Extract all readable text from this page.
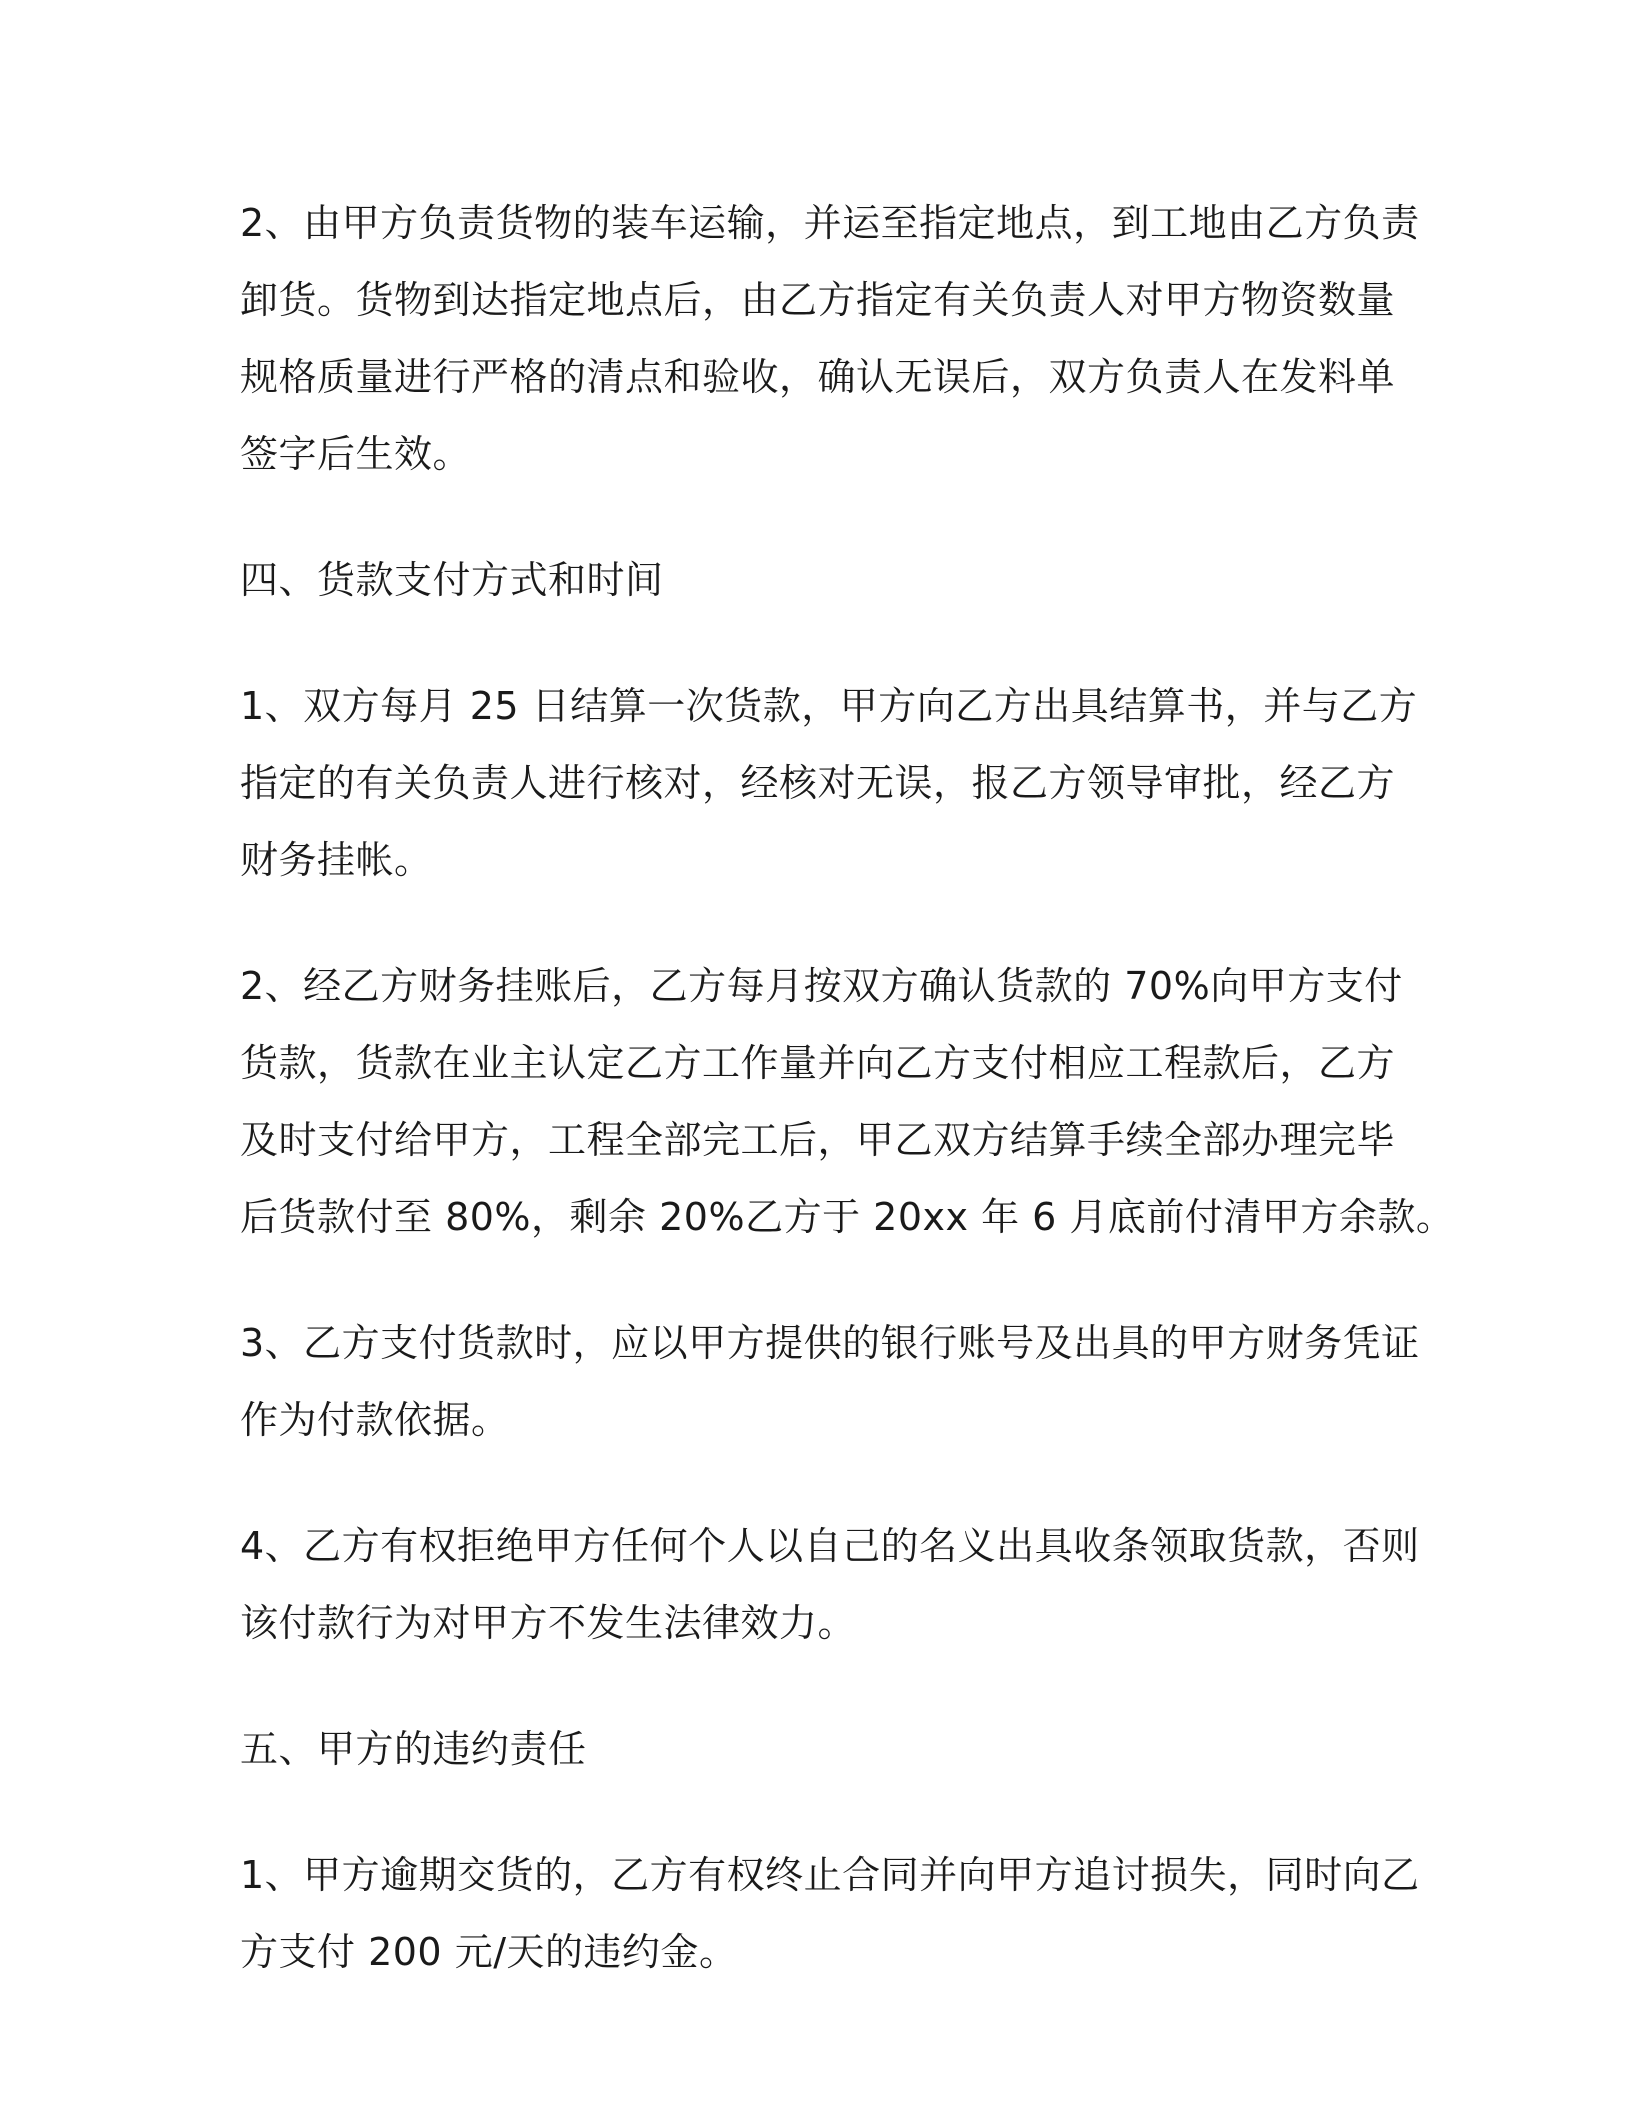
2、由甲方负责货物的装车运输，并运至指定地点，到工地由乙方负责
卸货。货物到达指定地点后，由乙方指定有关负责人对甲方物资数量
规格质量进行严格的清点和验收，确认无误后，双方负责人在发料单
签字后生效。
四、货款支付方式和时间
1、双方每月 25 日结算一次货款，甲方向乙方出具结算书，并与乙方
指定的有关负责人进行核对，经核对无误，报乙方领导审批，经乙方
财务挂帐。
2、经乙方财务挂账后，乙方每月按双方确认货款的 70%向甲方支付
货款，货款在业主认定乙方工作量并向乙方支付相应工程款后，乙方
及时支付给甲方，工程全部完工后，甲乙双方结算手续全部办理完毕
后货款付至 80%，剩余 20%乙方于 20xx 年 6 月底前付清甲方余款。
3、乙方支付货款时，应以甲方提供的银行账号及出具的甲方财务凭证
作为付款依据。
4、乙方有权拒绝甲方任何个人以自己的名义出具收条领取货款，否则
该付款行为对甲方不发生法律效力。
五、甲方的违约责任
1、甲方逾期交货的，乙方有权终止合同并向甲方追讨损失，同时向乙
方支付 200 元/天的违约金。
